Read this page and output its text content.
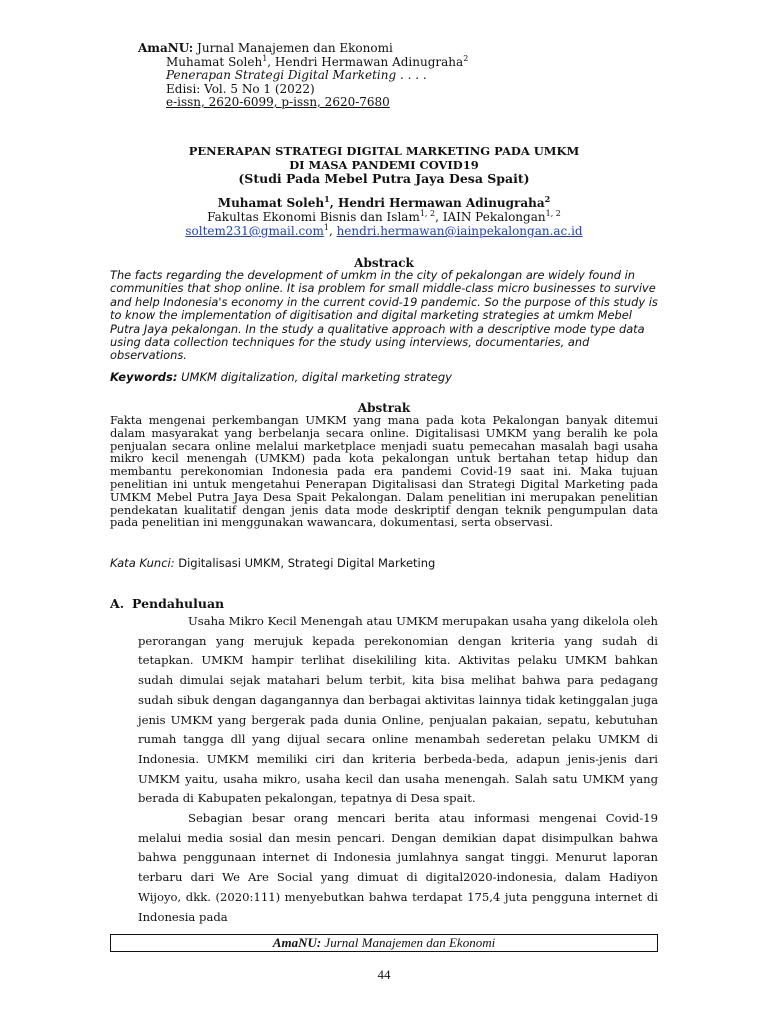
AmaNU: Jurnal Manajemen dan Ekonomi
Muhamat Soleh$^1$, Hendri Hermawan Adinugraha$^2$
Penerapan Strategi Digital Marketing . . . .
Edisi: Vol. 5 No 1 (2022)
e-issn, 2620-6099, p-issn, 2620-7680
PENERAPAN STRATEGI DIGITAL MARKETING PADA UMKM
DI MASA PANDEMI COVID19
(Studi Pada Mebel Putra Jaya Desa Spait)
Muhamat Soleh$^1$, Hendri Hermawan Adinugraha$^2$
Fakultas Ekonomi Bisnis dan Islam$^{1, 2}$, IAIN Pekalongan$^{1, 2}$
soltem231@gmail.com$^1$, hendri.hermawan@iainpekalongan.ac.id
Abstrack
The facts regarding the development of umkm in the city of pekalongan are widely found in communities that shop online. It isa problem for small middle-class micro businesses to survive and help Indonesia's economy in the current covid-19 pandemic. So the purpose of this study is to know the implementation of digitisation and digital marketing strategies at umkm Mebel Putra Jaya pekalongan. In the study a qualitative approach with a descriptive mode type data using data collection techniques for the study using interviews, documentaries, and observations.
Keywords: UMKM digitalization, digital marketing strategy
Abstrak
Fakta mengenai perkembangan UMKM yang mana pada kota Pekalongan banyak ditemui dalam masyarakat yang berbelanja secara online. Digitalisasi UMKM yang beralih ke pola penjualan secara online melalui marketplace menjadi suatu pemecahan masalah bagi usaha mikro kecil menengah (UMKM) pada kota pekalongan untuk bertahan tetap hidup dan membantu perekonomian Indonesia pada era pandemi Covid-19 saat ini. Maka tujuan penelitian ini untuk mengetahui Penerapan Digitalisasi dan Strategi Digital Marketing pada UMKM Mebel Putra Jaya Desa Spait Pekalongan. Dalam penelitian ini merupakan penelitian pendekatan kualitatif dengan jenis data mode deskriptif dengan teknik pengumpulan data pada penelitian ini menggunakan wawancara, dokumentasi, serta observasi.
Kata Kunci: Digitalisasi UMKM, Strategi Digital Marketing
A. Pendahuluan

Usaha Mikro Kecil Menengah atau UMKM merupakan usaha yang dikelola oleh perorangan yang merujuk kepada perekonomian dengan kriteria yang sudah di tetapkan. UMKM hampir terlihat disekililing kita. Aktivitas pelaku UMKM bahkan sudah dimulai sejak matahari belum terbit, kita bisa melihat bahwa para pedagang sudah sibuk dengan dagangannya dan berbagai aktivitas lainnya tidak ketinggalan juga jenis UMKM yang bergerak pada dunia Online, penjualan pakaian, sepatu, kebutuhan rumah tangga dll yang dijual secara online menambah sederetan pelaku UMKM di Indonesia. UMKM memiliki ciri dan kriteria berbeda-beda, adapun jenis-jenis dari UMKM yaitu, usaha mikro, usaha kecil dan usaha menengah. Salah satu UMKM yang berada di Kabupaten pekalongan, tepatnya di Desa spait.

Sebagian besar orang mencari berita atau informasi mengenai Covid-19 melalui media sosial dan mesin pencari. Dengan demikian dapat disimpulkan bahwa bahwa penggunaan internet di Indonesia jumlahnya sangat tinggi. Menurut laporan terbaru dari We Are Social yang dimuat di digital2020-indonesia, dalam Hadiyon Wijoyo, dkk. (2020:111) menyebutkan bahwa terdapat 175,4 juta pengguna internet di Indonesia pada

AmaNU: Jurnal Manajemen dan Ekonomi
44
